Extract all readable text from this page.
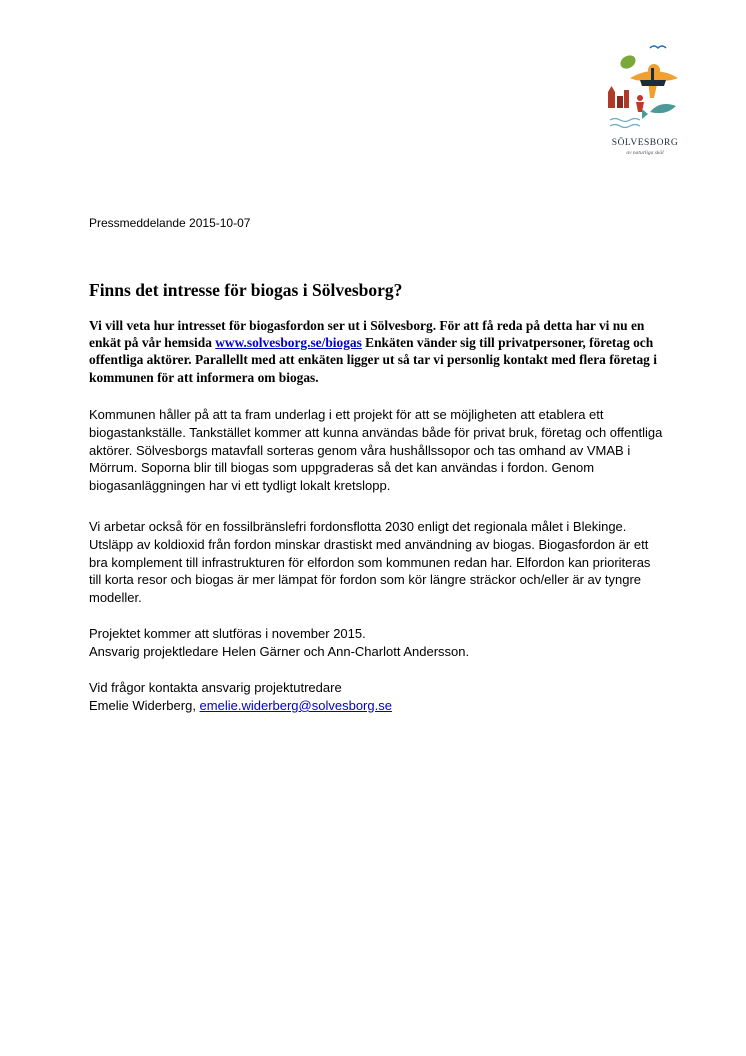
SÖLVESBORG
av naturliga skäl
Pressmeddelande 2015-10-07
Finns det intresse för biogas i Sölvesborg?

Vi vill veta hur intresset för biogasfordon ser ut i Sölvesborg. För att få reda på detta har vi nu en enkät på vår hemsida www.solvesborg.se/biogas Enkäten vänder sig till privatpersoner, företag och offentliga aktörer. Parallellt med att enkäten ligger ut så tar vi personlig kontakt med flera företag i kommunen för att informera om biogas.

Kommunen håller på att ta fram underlag i ett projekt för att se möjligheten att etablera ett biogastankställe. Tankstället kommer att kunna användas både för privat bruk, företag och offentliga aktörer. Sölvesborgs matavfall sorteras genom våra hushållssopor och tas omhand av VMAB i Mörrum. Soporna blir till biogas som uppgraderas så det kan användas i fordon. Genom biogasanläggningen har vi ett tydligt lokalt kretslopp.

Vi arbetar också för en fossilbränslefri fordonsflotta 2030 enligt det regionala målet i Blekinge. Utsläpp av koldioxid från fordon minskar drastiskt med användning av biogas. Biogasfordon är ett bra komplement till infrastrukturen för elfordon som kommunen redan har. Elfordon kan prioriteras till korta resor och biogas är mer lämpat för fordon som kör längre sträckor och/eller är av tyngre modeller.

Projektet kommer att slutföras i november 2015.
Ansvarig projektledare Helen Gärner och Ann-Charlott Andersson.

Vid frågor kontakta ansvarig projektutredare
Emelie Widerberg, emelie.widerberg@solvesborg.se
